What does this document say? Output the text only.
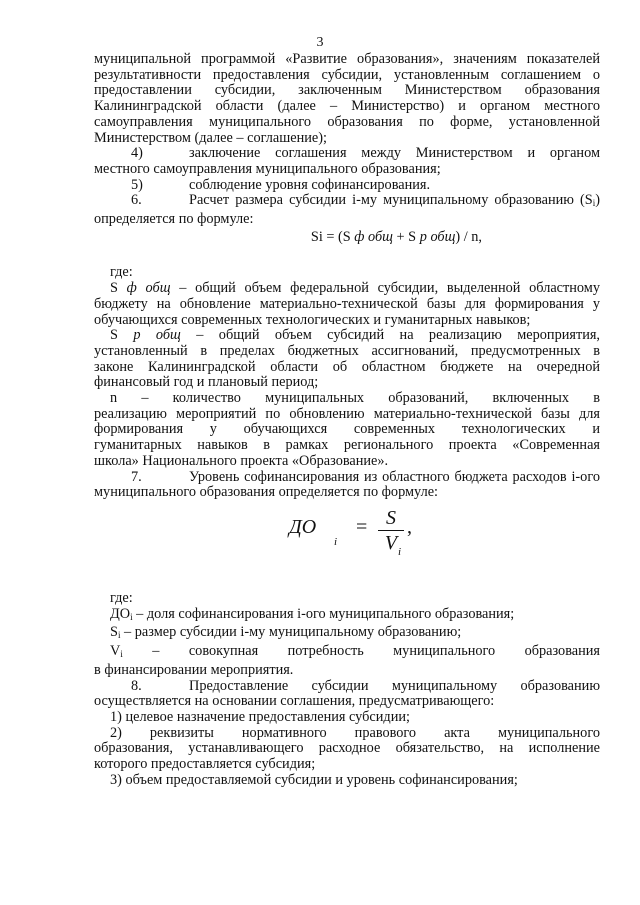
3

муниципальной программой «Развитие образования», значениям показателей

результативности предоставления субсидии, установленным соглашением о

предоставлении субсидии, заключенным Министерством образования

Калининградской области (далее – Министерство) и органом местного

самоуправления муниципального образования по форме, установленной

Министерством (далее – соглашение);

4)	заключение соглашения между Министерством и органом

местного самоуправления муниципального образования;

5)	соблюдение уровня софинансирования.

6.	Расчет размера субсидии i-му муниципальному образованию $(S_i)$

определяется по формуле:

Si = (S ф общ + S р общ) / n,

где:

S ф общ – общий объем федеральной субсидии, выделенной областному

бюджету на обновление материально-технической базы для формирования у

обучающихся современных технологических и гуманитарных навыков;

S р общ – общий объем субсидий на реализацию мероприятия,

установленный в пределах бюджетных ассигнований, предусмотренных в

законе Калининградской области об областном бюджете на очередной

финансовый год и плановый период;

n – количество муниципальных образований, включенных в

реализацию мероприятий по обновлению материально-технической базы для

формирования у обучающихся современных технологических и

гуманитарных навыков в рамках регионального проекта «Современная

школа» Национального проекта «Образование».

7.	Уровень софинансирования из областного бюджета расходов i-ого

муниципального образования определяется по формуле:

ДО
i
= S
V i
,

где:

$ДО_i$ – доля софинансирования i-ого муниципального образования;

$S_i$ – размер субсидии i-му муниципальному образованию;

$V_i$ – совокупная потребность муниципального образования

в финансировании мероприятия.

8.	Предоставление субсидии муниципальному образованию

осуществляется на основании соглашения, предусматривающего:

1) целевое назначение предоставления субсидии;

2) реквизиты нормативного правового акта муниципального

образования, устанавливающего расходное обязательство, на исполнение

которого предоставляется субсидия;

3) объем предоставляемой субсидии и уровень софинансирования;
